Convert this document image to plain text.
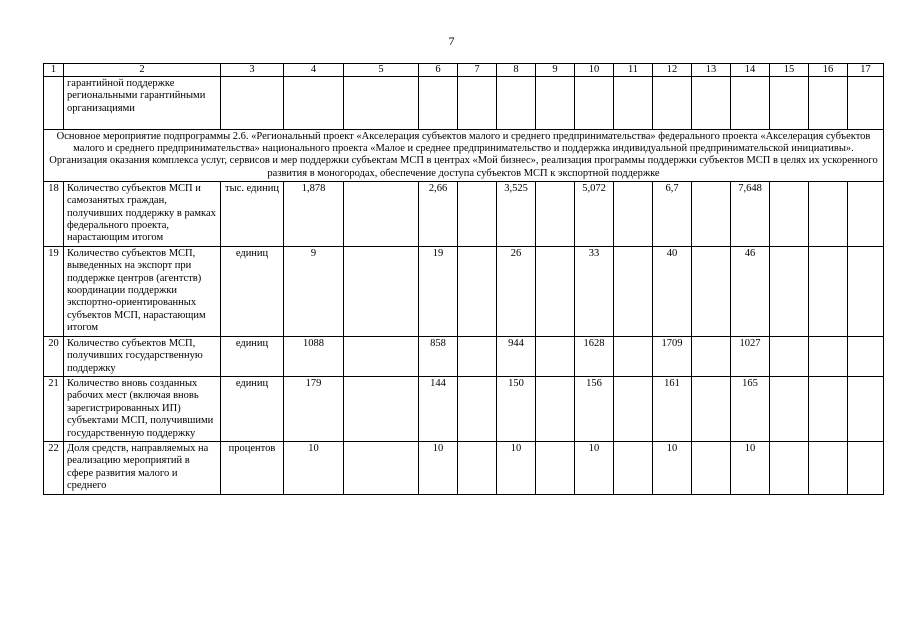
7
1	2	3	4	5	6	7	8	9	10	11	12	13	14	15	16	17
	гарантийной поддержке региональными гарантийными организациями															

Основное мероприятие подпрограммы 2.6. «Региональный проект «Акселерация субъектов малого и среднего предпринимательства» федерального проекта «Акселерация субъектов малого и среднего предпринимательства» национального проекта «Малое и среднее предпринимательство и поддержка индивидуальной предпринимательской инициативы».
Организация оказания комплекса услуг, сервисов и мер поддержки субъектам МСП в центрах «Мой бизнес», реализация программы поддержки субъектов МСП в целях их ускоренного развития в моногородах, обеспечение доступа субъектов МСП к экспортной поддержке																

18	Количество субъектов МСП и самозанятых граждан, получивших поддержку в рамках федерального проекта, нарастающим итогом	тыс. единиц	1,878		2,66		3,525		5,072		6,7		7,648			
19	Количество субъектов МСП, выведенных на экспорт при поддержке центров (агентств) координации поддержки экспортно-ориентированных субъектов МСП, нарастающим итогом	единиц	9		19		26		33		40		46			
20	Количество субъектов МСП, получивших государственную поддержку	единиц	1088		858		944		1628		1709		1027			
21	Количество вновь созданных рабочих мест (включая вновь зарегистрированных ИП) субъектами МСП, получившими государственную поддержку	единиц	179		144		150		156		161		165			
22	Доля средств, направляемых на реализацию мероприятий в сфере развития малого и среднего	процентов	10		10		10		10		10		10			
